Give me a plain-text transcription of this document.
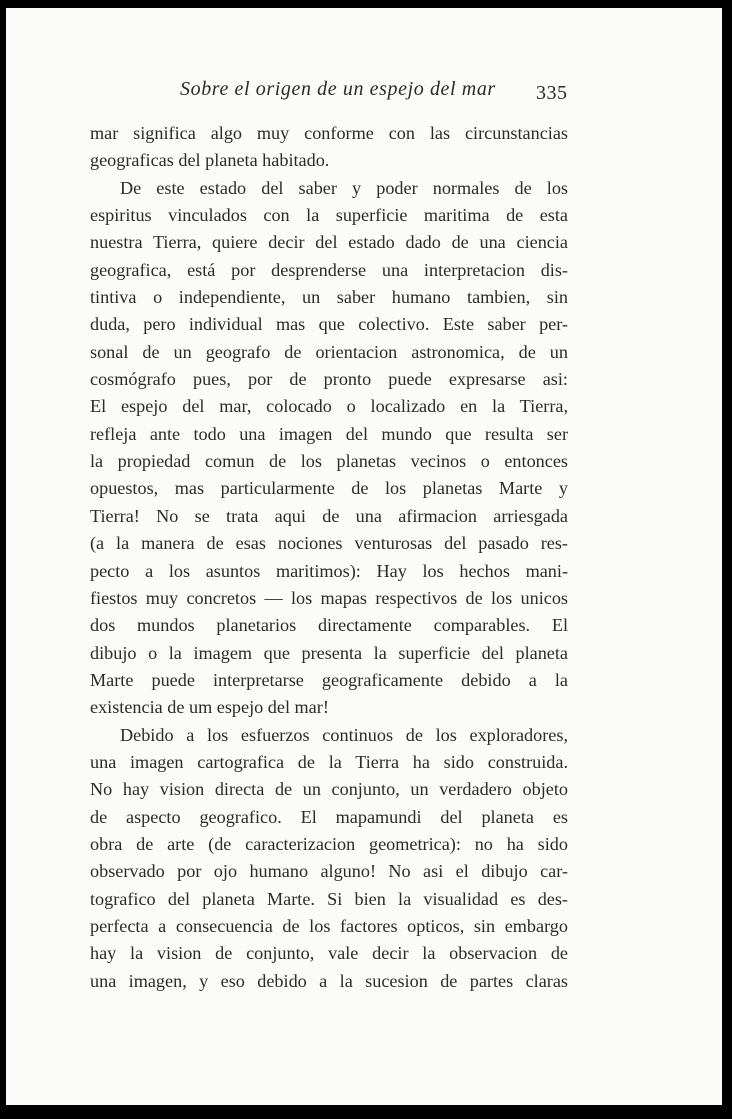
Sobre el origen de un espejo del mar 335

mar significa algo muy conforme con las circunstancias
geograficas del planeta habitado.

De este estado del saber y poder normales de los
espiritus vinculados con la superficie maritima de esta
nuestra Tierra, quiere decir del estado dado de una ciencia
geografica, está por desprenderse una interpretacion dis-
tintiva o independiente, un saber humano tambien, sin
duda, pero individual mas que colectivo. Este saber per-
sonal de un geografo de orientacion astronomica, de un
cosmógrafo pues, por de pronto puede expresarse asi:
El espejo del mar, colocado o localizado en la Tierra,
refleja ante todo una imagen del mundo que resulta ser
la propiedad comun de los planetas vecinos o entonces
opuestos, mas particularmente de los planetas Marte y
Tierra! No se trata aqui de una afirmacion arriesgada
(a la manera de esas nociones venturosas del pasado res-
pecto a los asuntos maritimos): Hay los hechos mani-
fiestos muy concretos — los mapas respectivos de los unicos
dos mundos planetarios directamente comparables. El
dibujo o la imagem que presenta la superficie del planeta
Marte puede interpretarse geograficamente debido a la
existencia de um espejo del mar!

Debido a los esfuerzos continuos de los exploradores,
una imagen cartografica de la Tierra ha sido construida.
No hay vision directa de un conjunto, un verdadero objeto
de aspecto geografico. El mapamundi del planeta es
obra de arte (de caracterizacion geometrica): no ha sido
observado por ojo humano alguno! No asi el dibujo car-
tografico del planeta Marte. Si bien la visualidad es des-
perfecta a consecuencia de los factores opticos, sin embargo
hay la vision de conjunto, vale decir la observacion de
una imagen, y eso debido a la sucesion de partes claras
